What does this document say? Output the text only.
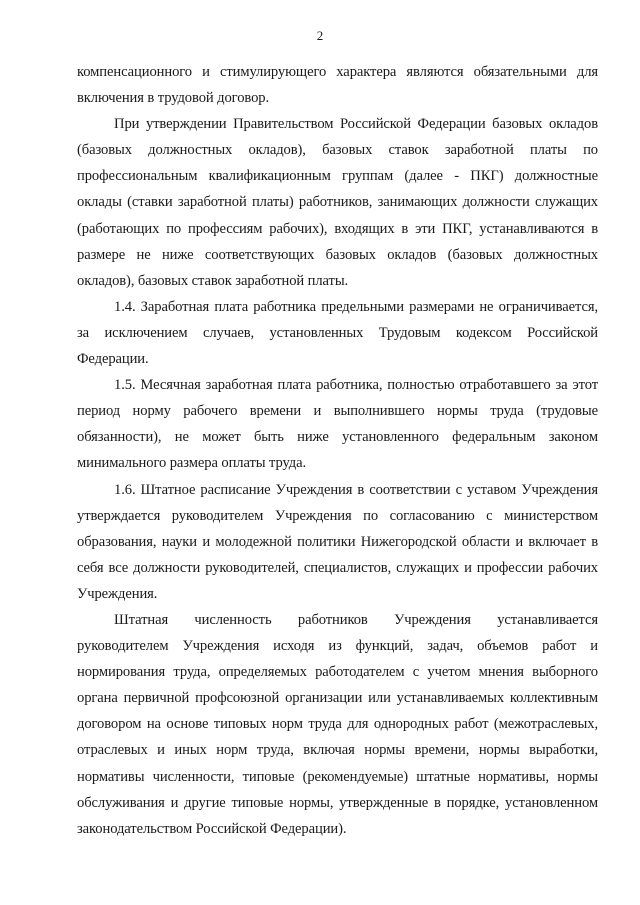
2

компенсационного и стимулирующего характера являются обязательными для включения в трудовой договор.

При утверждении Правительством Российской Федерации базовых окладов (базовых должностных окладов), базовых ставок заработной платы по профессиональным квалификационным группам (далее - ПКГ) должностные оклады (ставки заработной платы) работников, занимающих должности служащих (работающих по профессиям рабочих), входящих в эти ПКГ, устанавливаются в размере не ниже соответствующих базовых окладов (базовых должностных окладов), базовых ставок заработной платы.

1.4. Заработная плата работника предельными размерами не ограничивается, за исключением случаев, установленных Трудовым кодексом Российской Федерации.

1.5. Месячная заработная плата работника, полностью отработавшего за этот период норму рабочего времени и выполнившего нормы труда (трудовые обязанности), не может быть ниже установленного федеральным законом минимального размера оплаты труда.

1.6. Штатное расписание Учреждения в соответствии с уставом Учреждения утверждается руководителем Учреждения по согласованию с министерством образования, науки и молодежной политики Нижегородской области и включает в себя все должности руководителей, специалистов, служащих и профессии рабочих Учреждения.

Штатная численность работников Учреждения устанавливается руководителем Учреждения исходя из функций, задач, объемов работ и нормирования труда, определяемых работодателем с учетом мнения выборного органа первичной профсоюзной организации или устанавливаемых коллективным договором на основе типовых норм труда для однородных работ (межотраслевых, отраслевых и иных норм труда, включая нормы времени, нормы выработки, нормативы численности, типовые (рекомендуемые) штатные нормативы, нормы обслуживания и другие типовые нормы, утвержденные в порядке, установленном законодательством Российской Федерации).
